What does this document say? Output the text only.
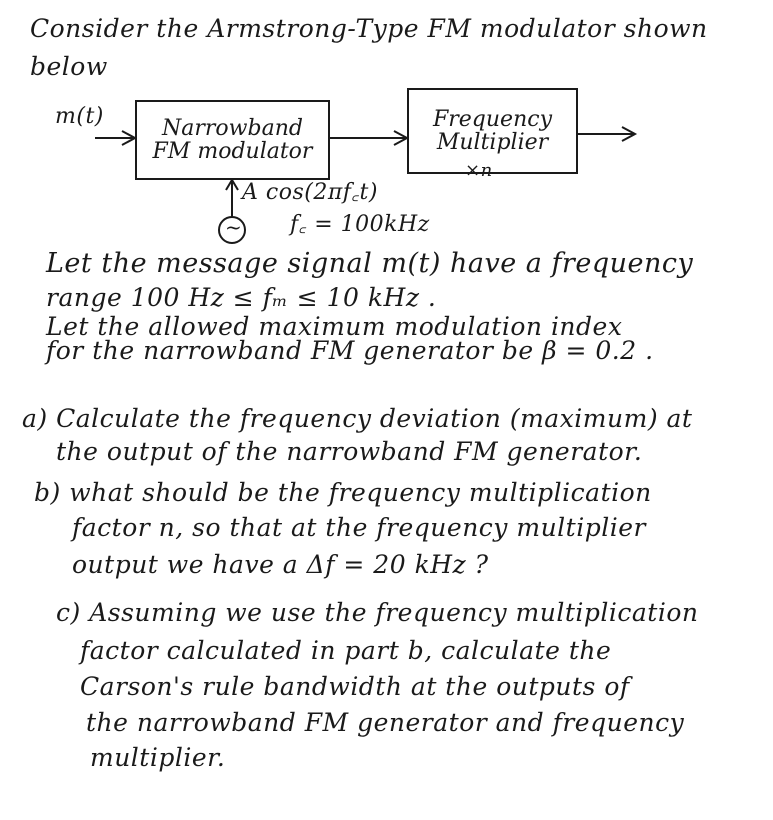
Consider the Armstrong-Type FM modulator shown
below
m(t)	Narrowband
FM modulator
Frequency
Multiplier
×n
~
A cos(2πf꜀t)
f꜀ = 100kHz
Let the message signal m(t) have a frequency
range 100 Hz ≤ fₘ ≤ 10 kHz .
Let the allowed maximum modulation index
for the narrowband FM generator be β = 0.2 .
a) Calculate the frequency deviation (maximum) at
the output of the narrowband FM generator.
b) what should be the frequency multiplication
factor n, so that at the frequency multiplier
output we have a Δf = 20 kHz ?
c) Assuming we use the frequency multiplication
factor calculated in part b, calculate the
Carson's rule bandwidth at the outputs of
the narrowband FM generator and frequency
multiplier.
